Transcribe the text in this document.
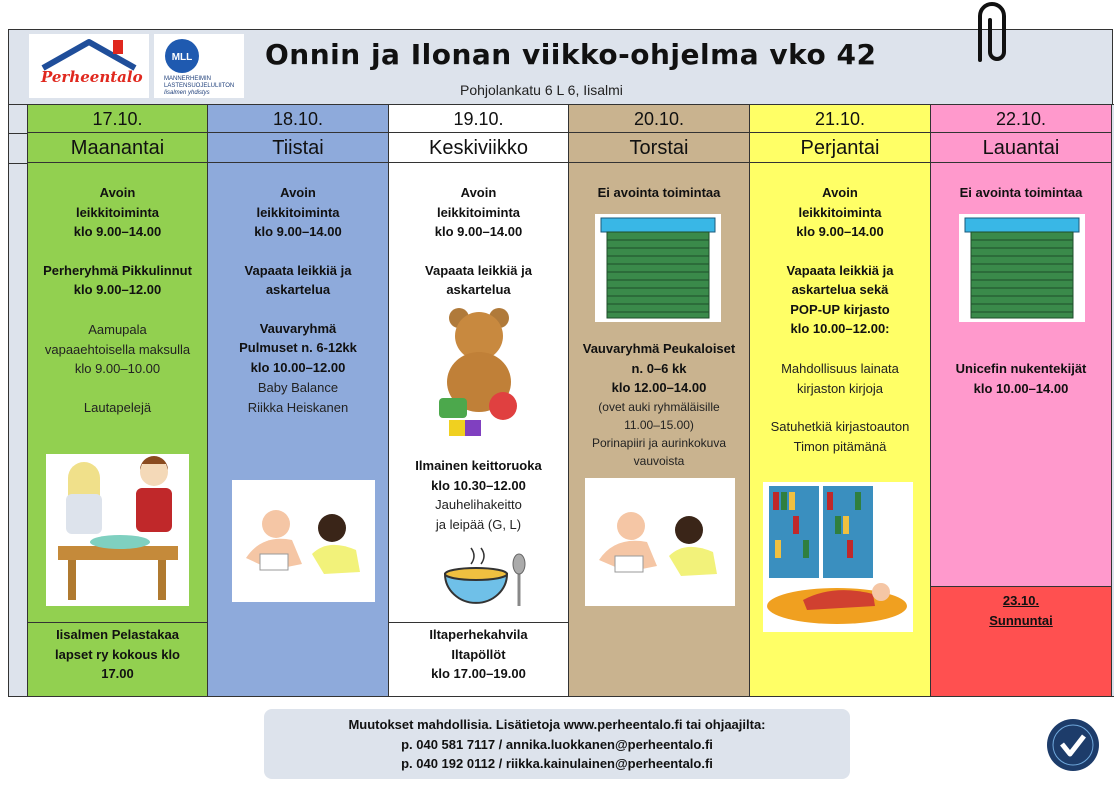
Perheentalo
MLL
MANNERHEIMIN
LASTENSUOJELULIITON
Iisalmen yhdistys
Onnin ja Ilonan viikko-ohjelma vko 42
Pohjolankatu 6 L 6, Iisalmi
17.10.
Maanantai
Avoin
leikkitoiminta
klo 9.00–14.00
Perheryhmä Pikkulinnut
klo 9.00–12.00
Aamupala
vapaaehtoisella maksulla
klo 9.00–10.00
Lautapelejä
Iisalmen Pelastakaa
lapset ry kokous klo
17.00
18.10.
Tiistai
Avoin
leikkitoiminta
klo 9.00–14.00
Vapaata leikkiä ja
askartelua
Vauvaryhmä
Pulmuset n. 6-12kk
klo 10.00–12.00
Baby Balance
Riikka Heiskanen
19.10.
Keskiviikko
Avoin
leikkitoiminta
klo 9.00–14.00
Vapaata leikkiä ja
askartelua
Ilmainen keittoruoka
klo 10.30–12.00
Jauhelihakeitto
ja leipää (G, L)
Iltaperhekahvila
Iltapöllöt
klo 17.00–19.00
20.10.
Torstai
Ei avointa toimintaa
Vauvaryhmä Peukaloiset
n. 0–6 kk
klo 12.00–14.00
(ovet auki ryhmäläisille
11.00–15.00)
Porinapiiri ja aurinkokuva
vauvoista
21.10.
Perjantai
Avoin
leikkitoiminta
klo 9.00–14.00
Vapaata leikkiä ja
askartelua sekä
POP-UP kirjasto
klo 10.00–12.00:
Mahdollisuus lainata
kirjaston kirjoja
Satuhetkiä kirjastoauton
Timon pitämänä
22.10.
Lauantai
Ei avointa toimintaa
Unicefin nukentekijät
klo 10.00–14.00
23.10.
Sunnuntai
Muutokset mahdollisia. Lisätietoja www.perheentalo.fi tai ohjaajilta:
p. 040 581 7117 / annika.luokkanen@perheentalo.fi
p. 040 192 0112 / riikka.kainulainen@perheentalo.fi
